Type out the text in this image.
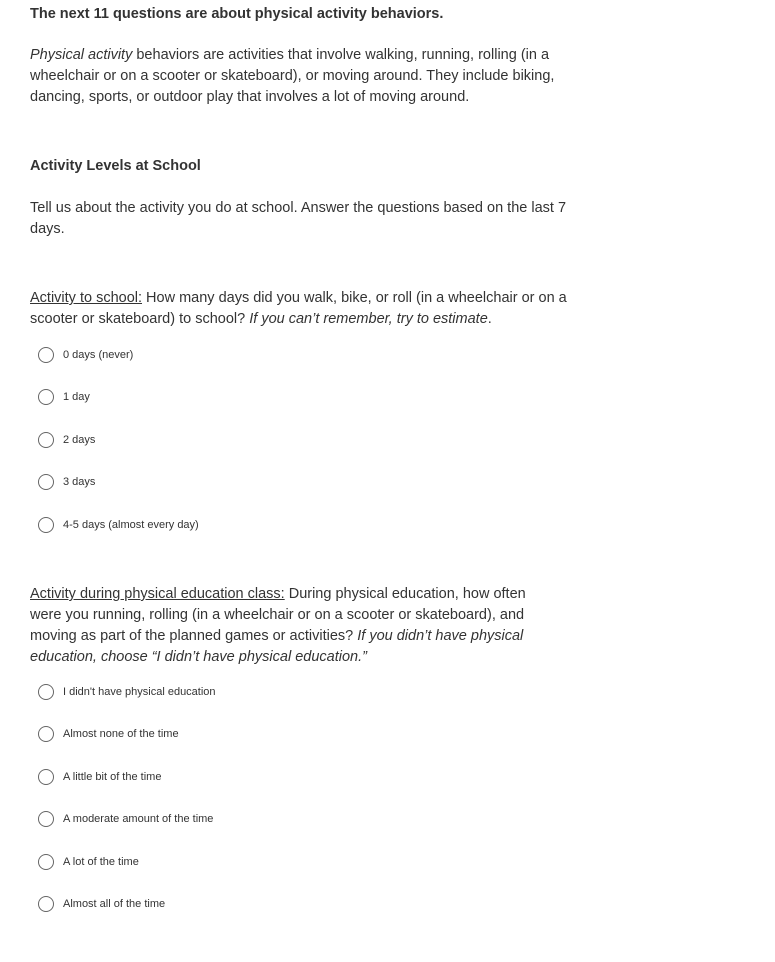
The next 11 questions are about physical activity behaviors.
Physical activity behaviors are activities that involve walking, running, rolling (in a wheelchair or on a scooter or skateboard), or moving around. They include biking, dancing, sports, or outdoor play that involves a lot of moving around.
Activity Levels at School
Tell us about the activity you do at school. Answer the questions based on the last 7 days.
Activity to school: How many days did you walk, bike, or roll (in a wheelchair or on a scooter or skateboard) to school? If you can’t remember, try to estimate.
0 days (never)
1 day
2 days
3 days
4-5 days (almost every day)
Activity during physical education class: During physical education, how often were you running, rolling (in a wheelchair or on a scooter or skateboard), and moving as part of the planned games or activities? If you didn’t have physical education, choose “I didn’t have physical education.”
I didn't have physical education
Almost none of the time
A little bit of the time
A moderate amount of the time
A lot of the time
Almost all of the time
